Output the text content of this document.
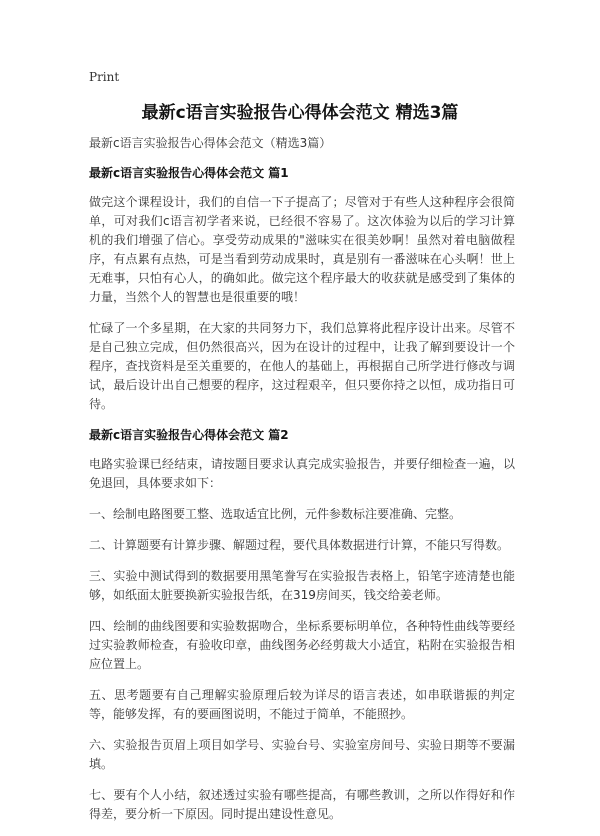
Print
最新c语言实验报告心得体会范文 精选3篇

最新c语言实验报告心得体会范文（精选3篇）

最新c语言实验报告心得体会范文 篇1

做完这个课程设计，我们的自信一下子提高了；尽管对于有些人这种程序会很简单，可对我们c语言初学者来说，已经很不容易了。这次体验为以后的学习计算机的我们增强了信心。享受劳动成果的"滋味实在很美妙啊！虽然对着电脑做程序，有点累有点热，可是当看到劳动成果时，真是别有一番滋味在心头啊！世上无难事，只怕有心人，的确如此。做完这个程序最大的收获就是感受到了集体的力量，当然个人的智慧也是很重要的哦！

忙碌了一个多星期，在大家的共同努力下，我们总算将此程序设计出来。尽管不是自己独立完成，但仍然很高兴，因为在设计的过程中，让我了解到要设计一个程序，查找资料是至关重要的，在他人的基础上，再根据自己所学进行修改与调试，最后设计出自己想要的程序，这过程艰辛，但只要你持之以恒，成功指日可待。

最新c语言实验报告心得体会范文 篇2

电路实验课已经结束，请按题目要求认真完成实验报告，并要仔细检查一遍，以免退回，具体要求如下：

一、绘制电路图要工整、选取适宜比例，元件参数标注要准确、完整。

二、计算题要有计算步骤、解题过程，要代具体数据进行计算，不能只写得数。

三、实验中测试得到的数据要用黑笔誊写在实验报告表格上，铅笔字迹清楚也能够，如纸面太脏要换新实验报告纸，在319房间买，钱交给姜老师。

四、绘制的曲线图要和实验数据吻合，坐标系要标明单位，各种特性曲线等要经过实验教师检查，有验收印章，曲线图务必经剪裁大小适宜，粘附在实验报告相应位置上。

五、思考题要有自己理解实验原理后较为详尽的语言表述，如串联谐振的判定等，能够发挥，有的要画图说明，不能过于简单，不能照抄。

六、实验报告页眉上项目如学号、实验台号、实验室房间号、实验日期等不要漏填。

七、要有个人小结，叙述透过实验有哪些提高，有哪些教训，之所以作得好和作得差，要分析一下原因。同时提出建设性意见。
